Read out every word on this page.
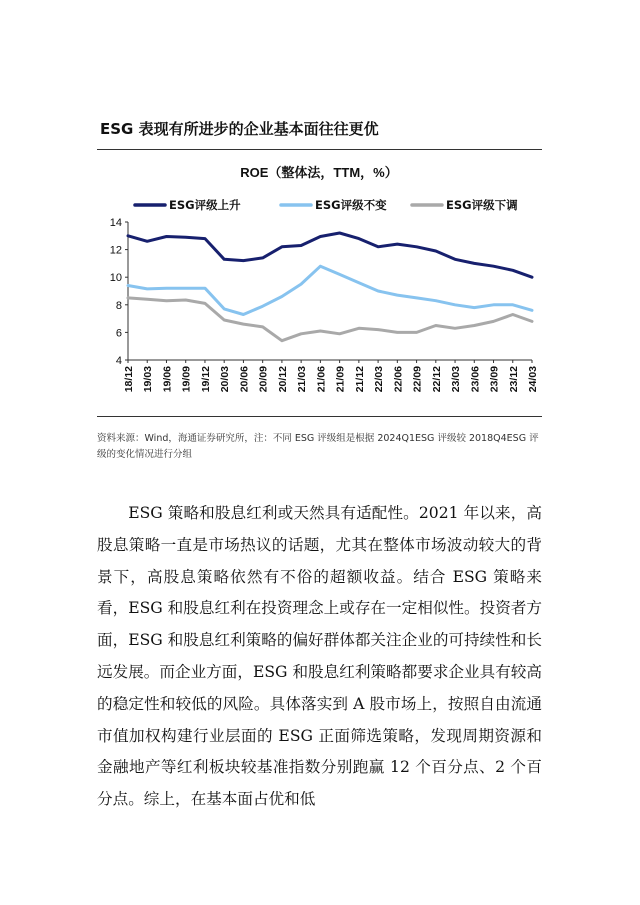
ESG 表现有所进步的企业基本面往往更优
ROE（整体法，TTM，%）
ESG评级上升	ESG评级不变	ESG评级下调
4
6
8
10
12
14
18/12 19/03 19/06 19/09 19/12 20/03 20/06 20/09 20/12 21/03 21/06 21/09 21/12 22/03 22/06 22/09 22/12 23/03 23/06 23/09 23/12 24/03
资料来源：Wind，海通证券研究所，注：不同 ESG 评级组是根据 2024Q1ESG 评级较 2018Q4ESG 评级的变化情况进行分组

ESG 策略和股息红利或天然具有适配性。2021 年以来，高股息策略一直是市场热议的话题，尤其在整体市场波动较大的背景下，高股息策略依然有不俗的超额收益。结合 ESG 策略来看，ESG 和股息红利在投资理念上或存在一定相似性。投资者方面，ESG 和股息红利策略的偏好群体都关注企业的可持续性和长远发展。而企业方面，ESG 和股息红利策略都要求企业具有较高的稳定性和较低的风险。具体落实到 A 股市场上，按照自由流通市值加权构建行业层面的 ESG 正面筛选策略，发现周期资源和金融地产等红利板块较基准指数分别跑赢 12 个百分点、2 个百分点。综上，在基本面占优和低
